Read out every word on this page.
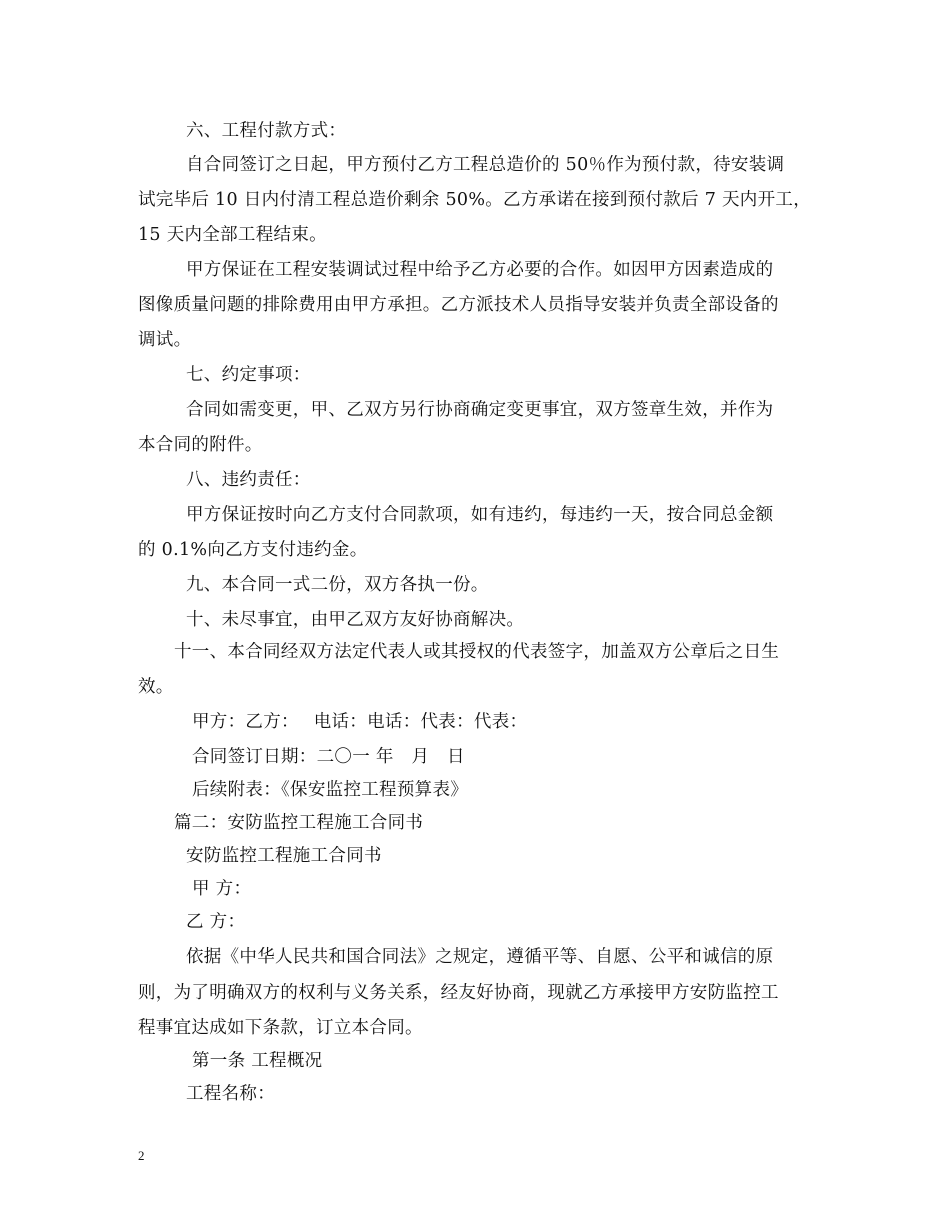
六、工程付款方式：
自合同签订之日起，甲方预付乙方工程总造价的 50％作为预付款，待安装调
试完毕后 10 日内付清工程总造价剩余 50%。乙方承诺在接到预付款后 7 天内开工，
15 天内全部工程结束。
甲方保证在工程安装调试过程中给予乙方必要的合作。如因甲方因素造成的
图像质量问题的排除费用由甲方承担。乙方派技术人员指导安装并负责全部设备的
调试。
七、约定事项：
合同如需变更，甲、乙双方另行协商确定变更事宜，双方签章生效，并作为
本合同的附件。
八、违约责任：
甲方保证按时向乙方支付合同款项，如有违约，每违约一天，按合同总金额
的 0.1%向乙方支付违约金。
九、本合同一式二份，双方各执一份。
十、未尽事宜，由甲乙双方友好协商解决。
十一、本合同经双方法定代表人或其授权的代表签字，加盖双方公章后之日生
效。
甲方：乙方：　 电话：电话：代表：代表：
合同签订日期：二〇一 年　月　日
后续附表：《保安监控工程预算表》
篇二：安防监控工程施工合同书
安防监控工程施工合同书
甲 方：
乙 方：
依据《中华人民共和国合同法》之规定，遵循平等、自愿、公平和诚信的原
则，为了明确双方的权利与义务关系，经友好协商，现就乙方承接甲方安防监控工
程事宜达成如下条款，订立本合同。
第一条 工程概况
工程名称：
2
